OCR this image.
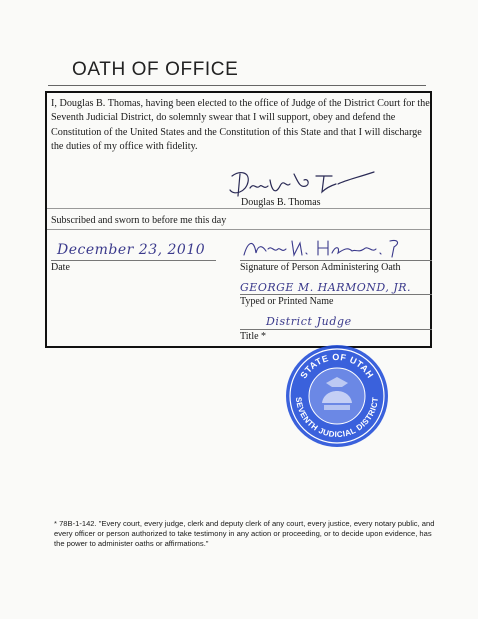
OATH OF OFFICE
I, Douglas B. Thomas, having been elected to the office of Judge of the District Court for the Seventh Judicial District, do solemnly swear that I will support, obey and defend the Constitution of the United States and the Constitution of this State and that I will discharge the duties of my office with fidelity.
Douglas B. Thomas
Subscribed and sworn to before me this day
December 23, 2010
Date	Signature of Person Administering Oath
GEORGE M. HARMOND, JR.
Typed or Printed Name
District Judge
Title *
STATE OF UTAH
SEVENTH JUDICIAL DISTRICT
* 78B-1-142. "Every court, every judge, clerk and deputy clerk of any court, every justice, every notary public, and every officer or person authorized to take testimony in any action or proceeding, or to decide upon evidence, has the power to administer oaths or affirmations."
